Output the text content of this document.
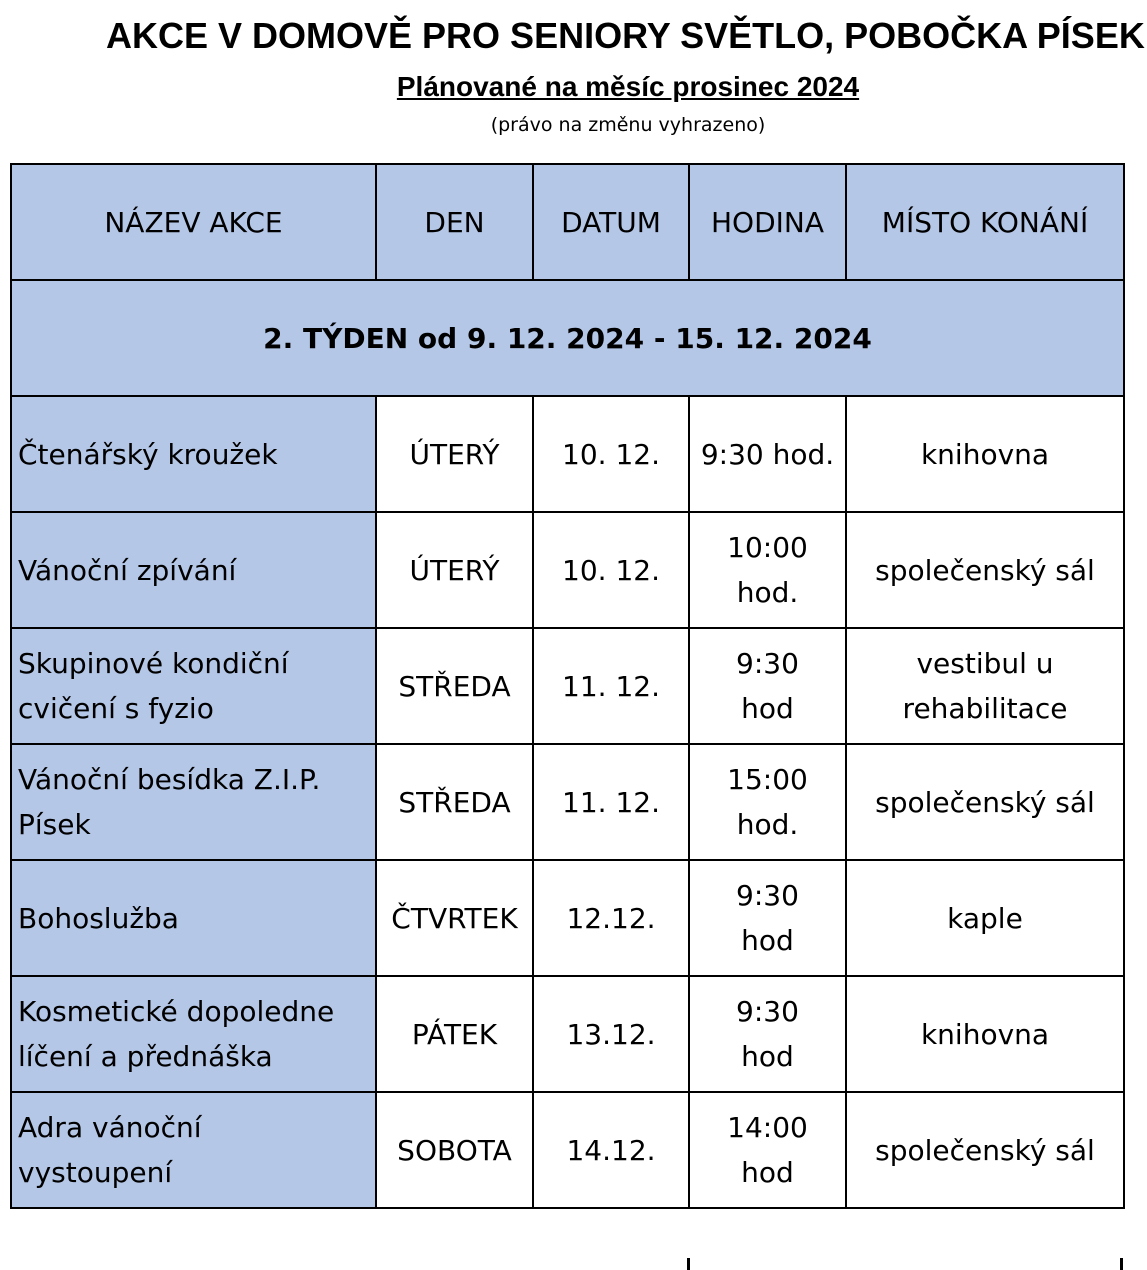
AKCE V DOMOVĚ PRO SENIORY SVĚTLO, POBOČKA PÍSEK
Plánované na měsíc prosinec 2024
(právo na změnu vyhrazeno)
NÁZEV AKCE	DEN	DATUM	HODINA	MÍSTO KONÁNÍ
2. TÝDEN od 9. 12. 2024 - 15. 12. 2024				
Čtenářský kroužek	ÚTERÝ	10. 12.	9:30 hod.	knihovna
Vánoční zpívání	ÚTERÝ	10. 12.	10:00 hod.	společenský sál
Skupinové kondiční cvičení s fyzio	STŘEDA	11. 12.	9:30 hod	vestibul u rehabilitace
Vánoční besídka Z.I.P. Písek	STŘEDA	11. 12.	15:00 hod.	společenský sál
Bohoslužba	ČTVRTEK	12.12.	9:30 hod	kaple
Kosmetické dopoledne líčení a přednáška	PÁTEK	13.12.	9:30 hod	knihovna
Adra vánoční vystoupení	SOBOTA	14.12.	14:00 hod	společenský sál
